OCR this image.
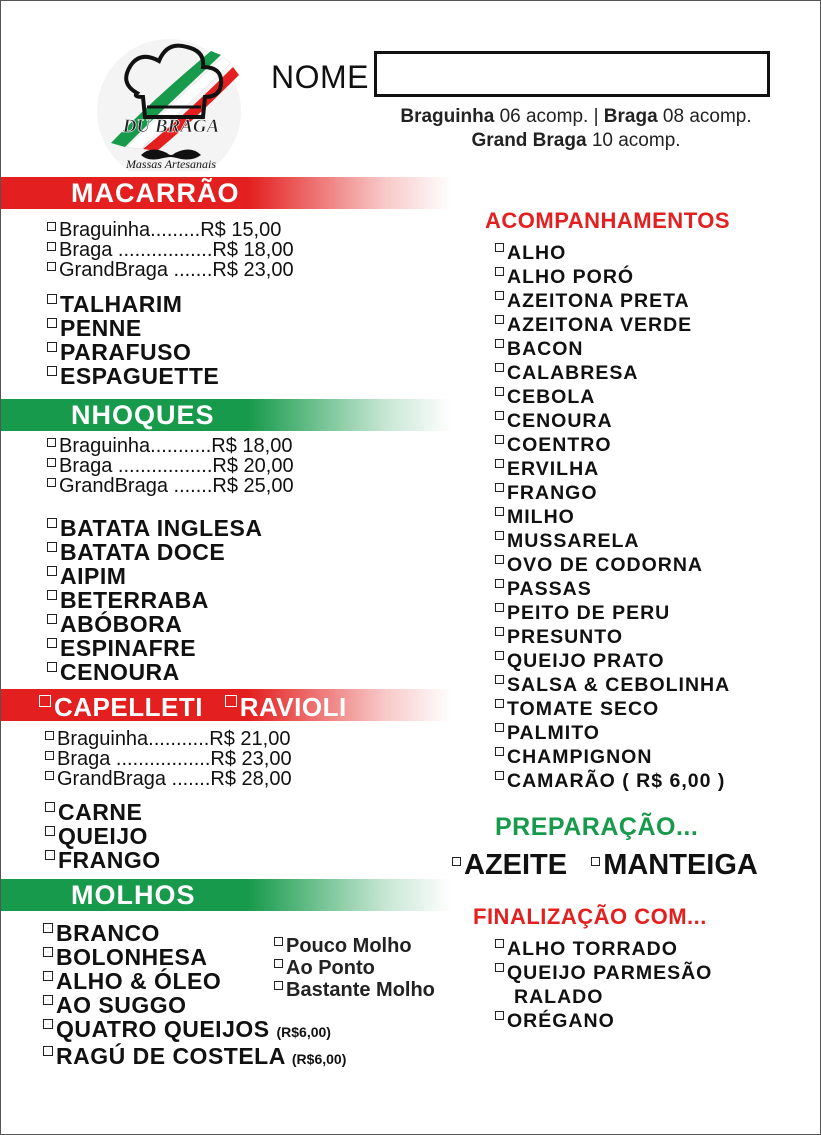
DU BRAGA
Massas Artesanais
NOME
Braguinha 06 acomp. | Braga 08 acomp.
Grand Braga 10 acomp.
MACARRÃO
Braguinha.........R$ 15,00
Braga .................R$ 18,00
GrandBraga .......R$ 23,00
TALHARIM
PENNE
PARAFUSO
ESPAGUETTE
NHOQUES
Braguinha...........R$ 18,00
Braga .................R$ 20,00
GrandBraga .......R$ 25,00
BATATA INGLESA
BATATA DOCE
AIPIM
BETERRABA
ABÓBORA
ESPINAFRE
CENOURA
CAPELLETI RAVIOLI
Braguinha...........R$ 21,00
Braga .................R$ 23,00
GrandBraga .......R$ 28,00
CARNE
QUEIJO
FRANGO
MOLHOS
BRANCO
BOLONHESA
ALHO & ÓLEO
AO SUGGO
QUATRO QUEIJOS (R$6,00)
RAGÚ DE COSTELA (R$6,00)
Pouco Molho
Ao Ponto
Bastante Molho
ACOMPANHAMENTOS
ALHO
ALHO PORÓ
AZEITONA PRETA
AZEITONA VERDE
BACON
CALABRESA
CEBOLA
CENOURA
COENTRO
ERVILHA
FRANGO
MILHO
MUSSARELA
OVO DE CODORNA
PASSAS
PEITO DE PERU
PRESUNTO
QUEIJO PRATO
SALSA & CEBOLINHA
TOMATE SECO
PALMITO
CHAMPIGNON
CAMARÃO ( R$ 6,00 )
PREPARAÇÃO...
AZEITE MANTEIGA
FINALIZAÇÃO COM...
ALHO TORRADO
QUEIJO PARMESÃO
RALADO
ORÉGANO
